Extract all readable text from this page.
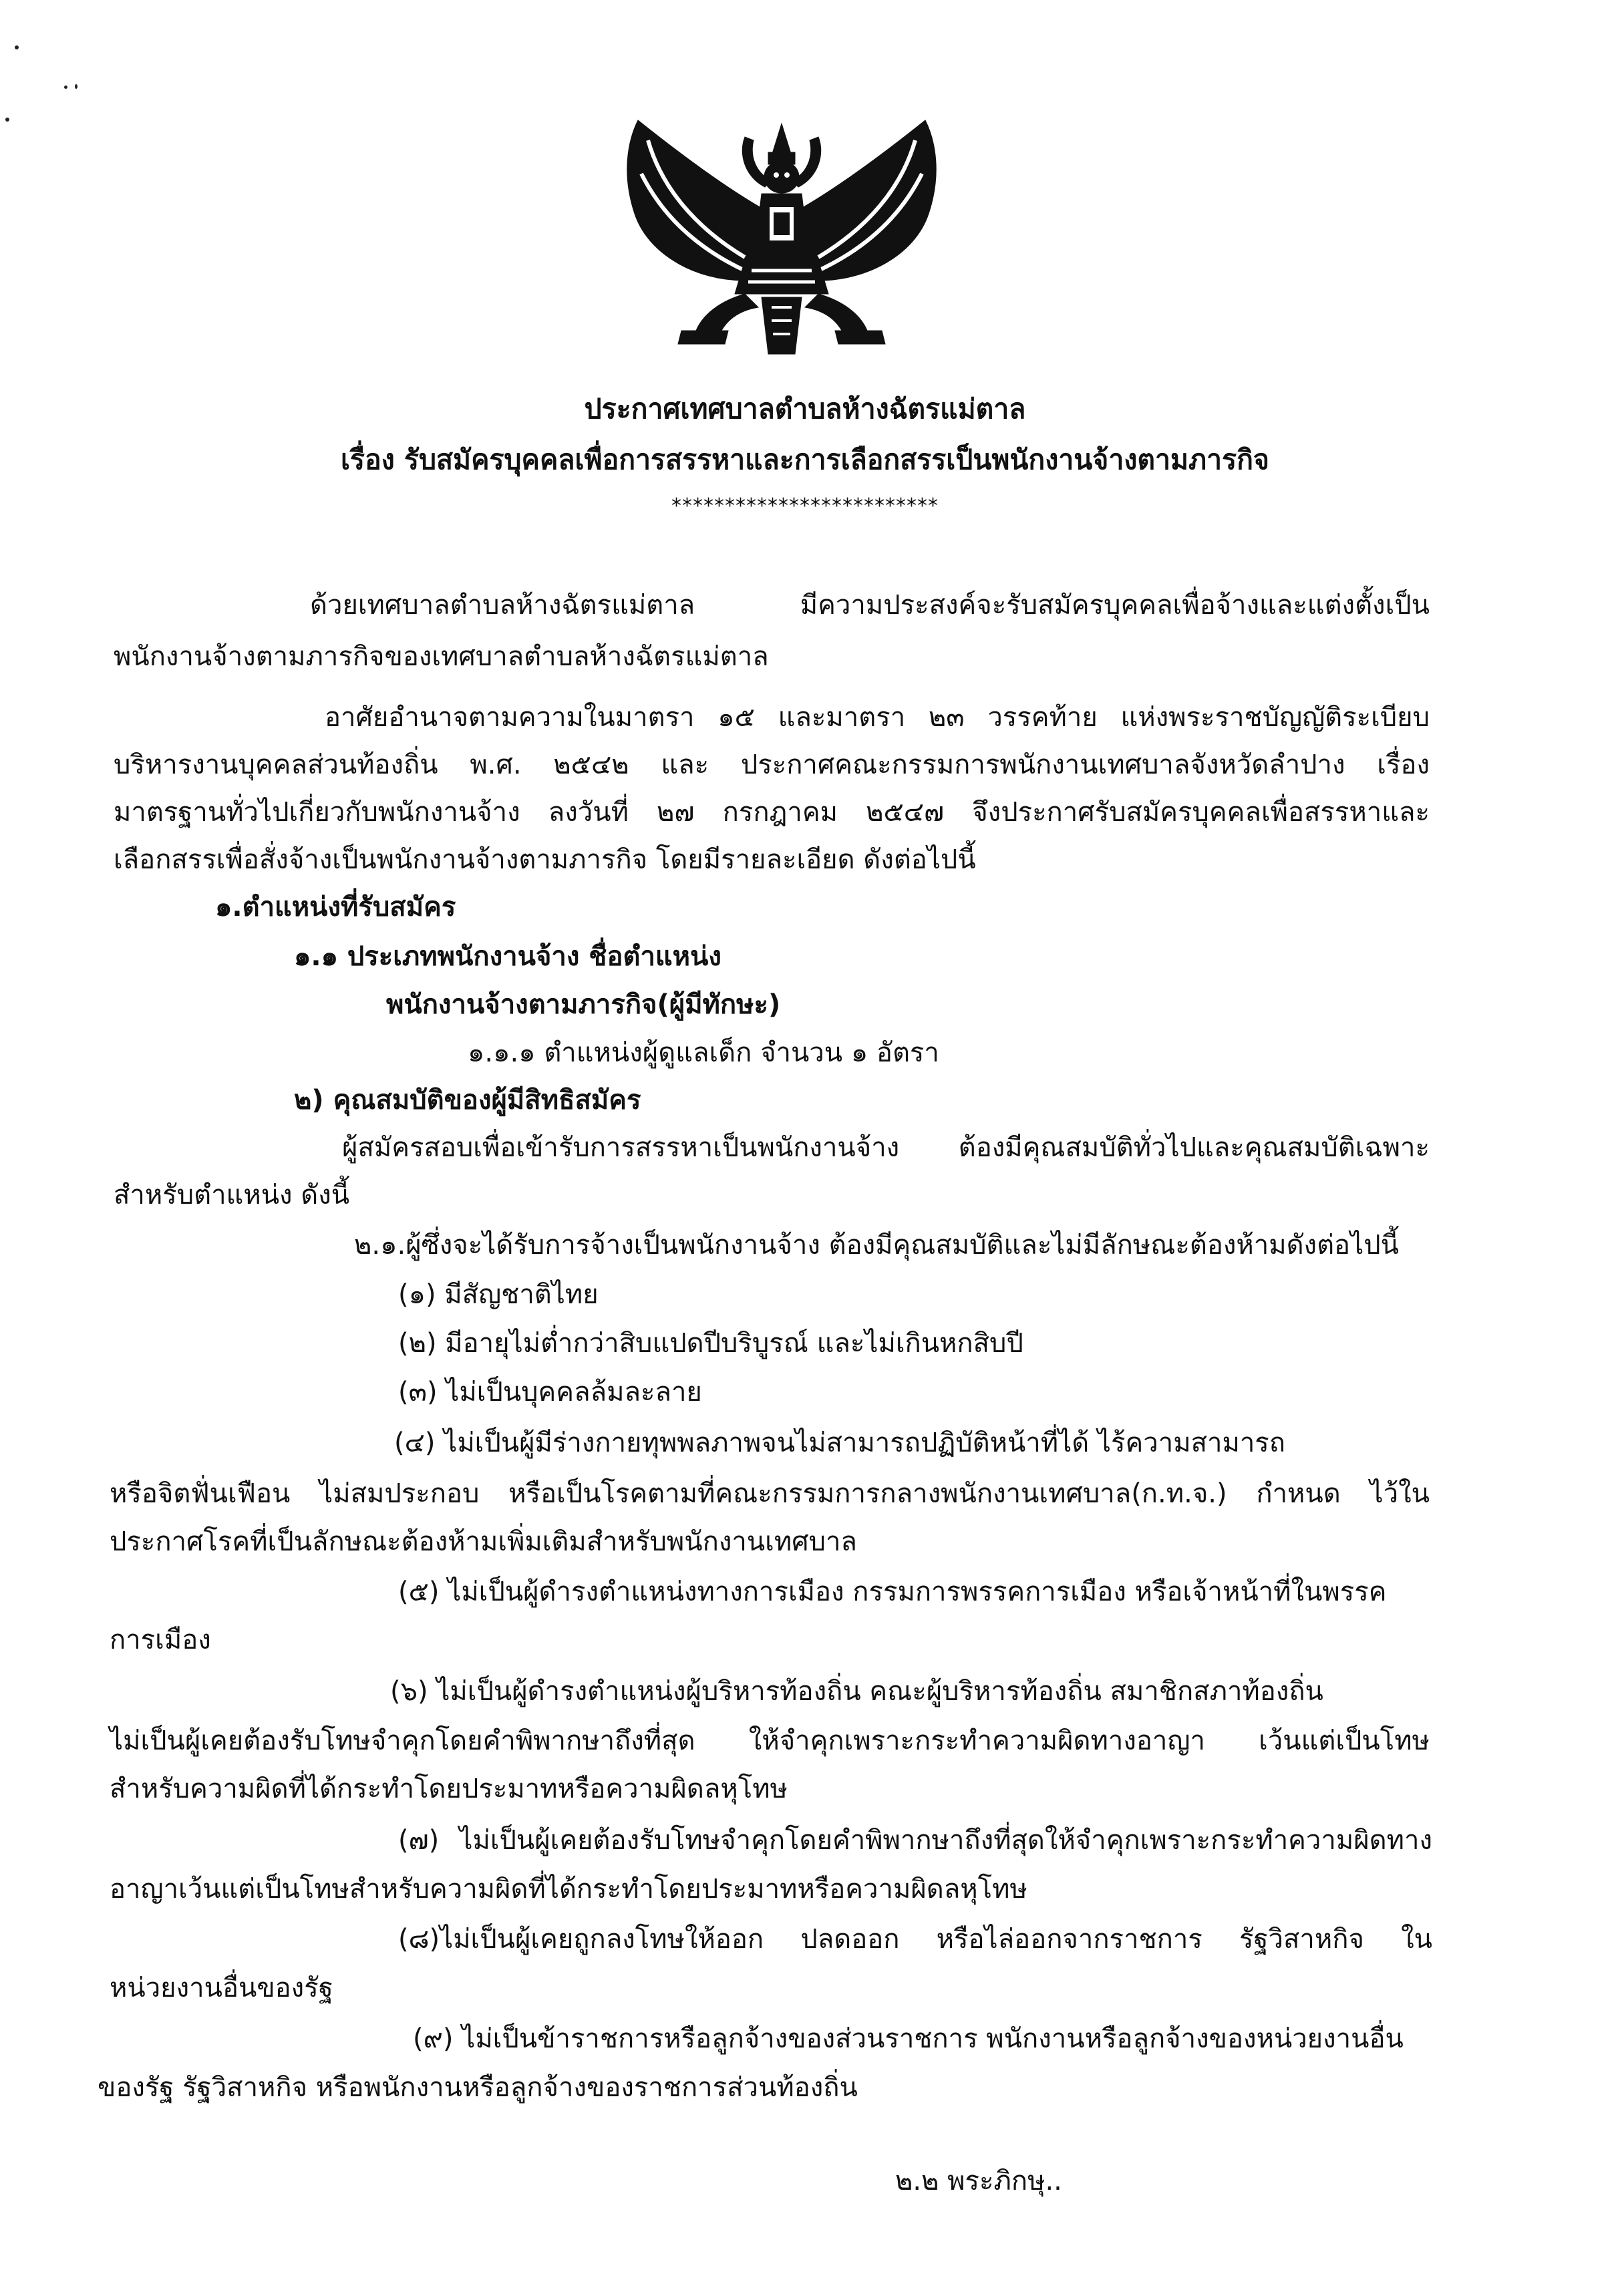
ประกาศเทศบาลตำบลห้างฉัตรแม่ตาล
เรื่อง รับสมัครบุคคลเพื่อการสรรหาและการเลือกสรรเป็นพนักงานจ้างตามภารกิจ
*************************
ด้วยเทศบาลตำบลห้างฉัตรแม่ตาล มีความประสงค์จะรับสมัครบุคคลเพื่อจ้างและแต่งตั้งเป็น
พนักงานจ้างตามภารกิจของเทศบาลตำบลห้างฉัตรแม่ตาล
อาศัยอำนาจตามความในมาตรา ๑๕ และมาตรา ๒๓ วรรคท้าย แห่งพระราชบัญญัติระเบียบ
บริหารงานบุคคลส่วนท้องถิ่น พ.ศ. ๒๕๔๒ และ ประกาศคณะกรรมการพนักงานเทศบาลจังหวัดลำปาง เรื่อง
มาตรฐานทั่วไปเกี่ยวกับพนักงานจ้าง ลงวันที่ ๒๗ กรกฎาคม ๒๕๔๗ จึงประกาศรับสมัครบุคคลเพื่อสรรหาและ
เลือกสรรเพื่อสั่งจ้างเป็นพนักงานจ้างตามภารกิจ โดยมีรายละเอียด ดังต่อไปนี้
๑.ตำแหน่งที่รับสมัคร
๑.๑ ประเภทพนักงานจ้าง ชื่อตำแหน่ง
พนักงานจ้างตามภารกิจ(ผู้มีทักษะ)
๑.๑.๑ ตำแหน่งผู้ดูแลเด็ก จำนวน ๑ อัตรา
๒) คุณสมบัติของผู้มีสิทธิสมัคร
ผู้สมัครสอบเพื่อเข้ารับการสรรหาเป็นพนักงานจ้าง ต้องมีคุณสมบัติทั่วไปและคุณสมบัติเฉพาะ
สำหรับตำแหน่ง ดังนี้
๒.๑.ผู้ซึ่งจะได้รับการจ้างเป็นพนักงานจ้าง ต้องมีคุณสมบัติและไม่มีลักษณะต้องห้ามดังต่อไปนี้
(๑) มีสัญชาติไทย
(๒) มีอายุไม่ต่ำกว่าสิบแปดปีบริบูรณ์ และไม่เกินหกสิบปี
(๓) ไม่เป็นบุคคลล้มละลาย
(๔) ไม่เป็นผู้มีร่างกายทุพพลภาพจนไม่สามารถปฏิบัติหน้าที่ได้ ไร้ความสามารถ
หรือจิตฟั่นเฟือน ไม่สมประกอบ หรือเป็นโรคตามที่คณะกรรมการกลางพนักงานเทศบาล(ก.ท.จ.) กำหนด ไว้ใน
ประกาศโรคที่เป็นลักษณะต้องห้ามเพิ่มเติมสำหรับพนักงานเทศบาล
(๕) ไม่เป็นผู้ดำรงตำแหน่งทางการเมือง กรรมการพรรคการเมือง หรือเจ้าหน้าที่ในพรรค
การเมือง
(๖) ไม่เป็นผู้ดำรงตำแหน่งผู้บริหารท้องถิ่น คณะผู้บริหารท้องถิ่น สมาชิกสภาท้องถิ่น
ไม่เป็นผู้เคยต้องรับโทษจำคุกโดยคำพิพากษาถึงที่สุด ให้จำคุกเพราะกระทำความผิดทางอาญา เว้นแต่เป็นโทษ
สำหรับความผิดที่ได้กระทำโดยประมาทหรือความผิดลหุโทษ
(๗) ไม่เป็นผู้เคยต้องรับโทษจำคุกโดยคำพิพากษาถึงที่สุดให้จำคุกเพราะกระทำความผิดทาง
อาญาเว้นแต่เป็นโทษสำหรับความผิดที่ได้กระทำโดยประมาทหรือความผิดลหุโทษ
(๘)ไม่เป็นผู้เคยถูกลงโทษให้ออก ปลดออก หรือไล่ออกจากราชการ รัฐวิสาหกิจ ใน
หน่วยงานอื่นของรัฐ
(๙) ไม่เป็นข้าราชการหรือลูกจ้างของส่วนราชการ พนักงานหรือลูกจ้างของหน่วยงานอื่น
ของรัฐ รัฐวิสาหกิจ หรือพนักงานหรือลูกจ้างของราชการส่วนท้องถิ่น
๒.๒ พระภิกษุ..
